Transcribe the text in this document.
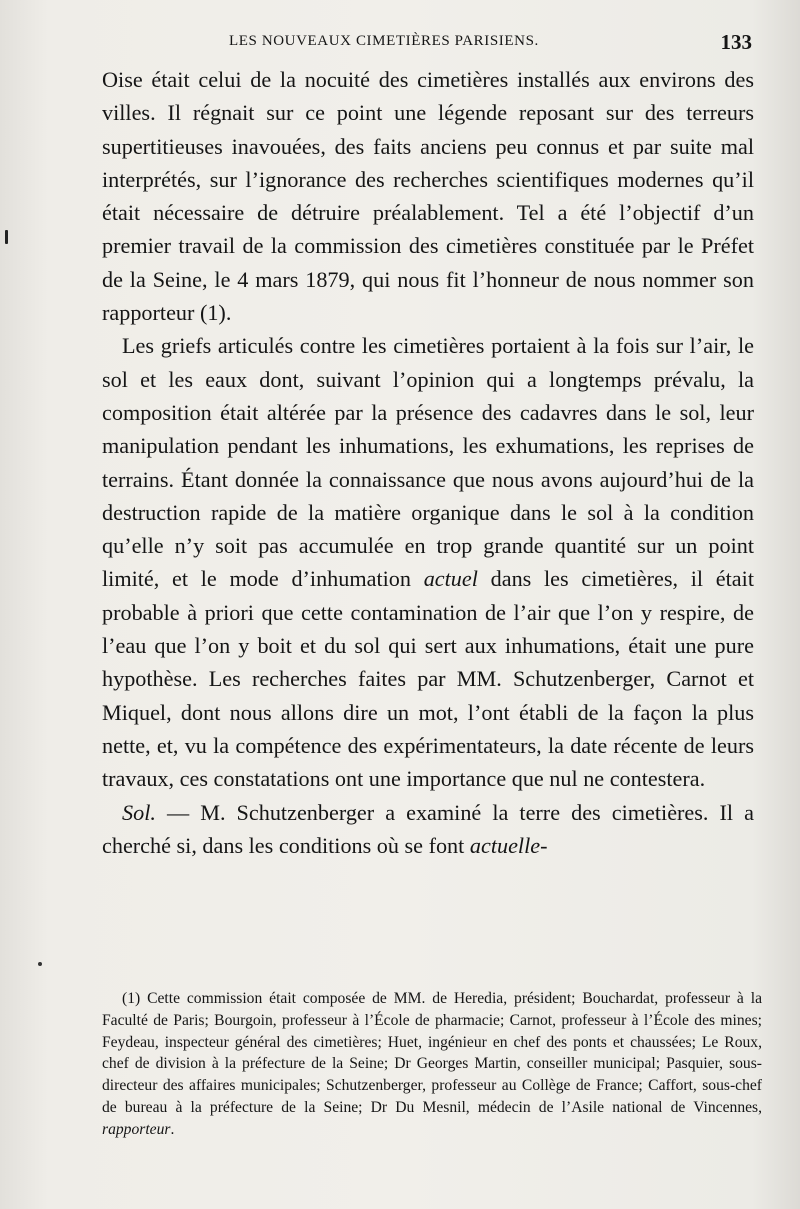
LES NOUVEAUX CIMETIÈRES PARISIENS.	133

Oise était celui de la nocuité des cimetières installés aux environs des villes. Il régnait sur ce point une légende reposant sur des terreurs supertitieuses inavouées, des faits anciens peu connus et par suite mal interprétés, sur l’ignorance des recherches scientifiques modernes qu’il était nécessaire de détruire préalablement. Tel a été l’objectif d’un premier travail de la commission des cimetières constituée par le Préfet de la Seine, le 4 mars 1879, qui nous fit l’honneur de nous nommer son rapporteur (1).

Les griefs articulés contre les cimetières portaient à la fois sur l’air, le sol et les eaux dont, suivant l’opinion qui a longtemps prévalu, la composition était altérée par la présence des cadavres dans le sol, leur manipulation pendant les inhumations, les exhumations, les reprises de terrains. Étant donnée la connaissance que nous avons aujourd’hui de la destruction rapide de la matière organique dans le sol à la condition qu’elle n’y soit pas accumulée en trop grande quantité sur un point limité, et le mode d’inhumation actuel dans les cimetières, il était probable à priori que cette contamination de l’air que l’on y respire, de l’eau que l’on y boit et du sol qui sert aux inhumations, était une pure hypothèse. Les recherches faites par MM. Schutzenberger, Carnot et Miquel, dont nous allons dire un mot, l’ont établi de la façon la plus nette, et, vu la compétence des expérimentateurs, la date récente de leurs travaux, ces constatations ont une importance que nul ne contestera.

Sol. — M. Schutzenberger a examiné la terre des cimetières. Il a cherché si, dans les conditions où se font actuelle-

(1) Cette commission était composée de MM. de Heredia, président; Bouchardat, professeur à la Faculté de Paris; Bourgoin, professeur à l’École de pharmacie; Carnot, professeur à l’École des mines; Feydeau, inspecteur général des cimetières; Huet, ingénieur en chef des ponts et chaussées; Le Roux, chef de division à la préfecture de la Seine; Dr Georges Martin, conseiller municipal; Pasquier, sous-directeur des affaires municipales; Schutzenberger, professeur au Collège de France; Caffort, sous-chef de bureau à la préfecture de la Seine; Dr Du Mesnil, médecin de l’Asile national de Vincennes, rapporteur.
